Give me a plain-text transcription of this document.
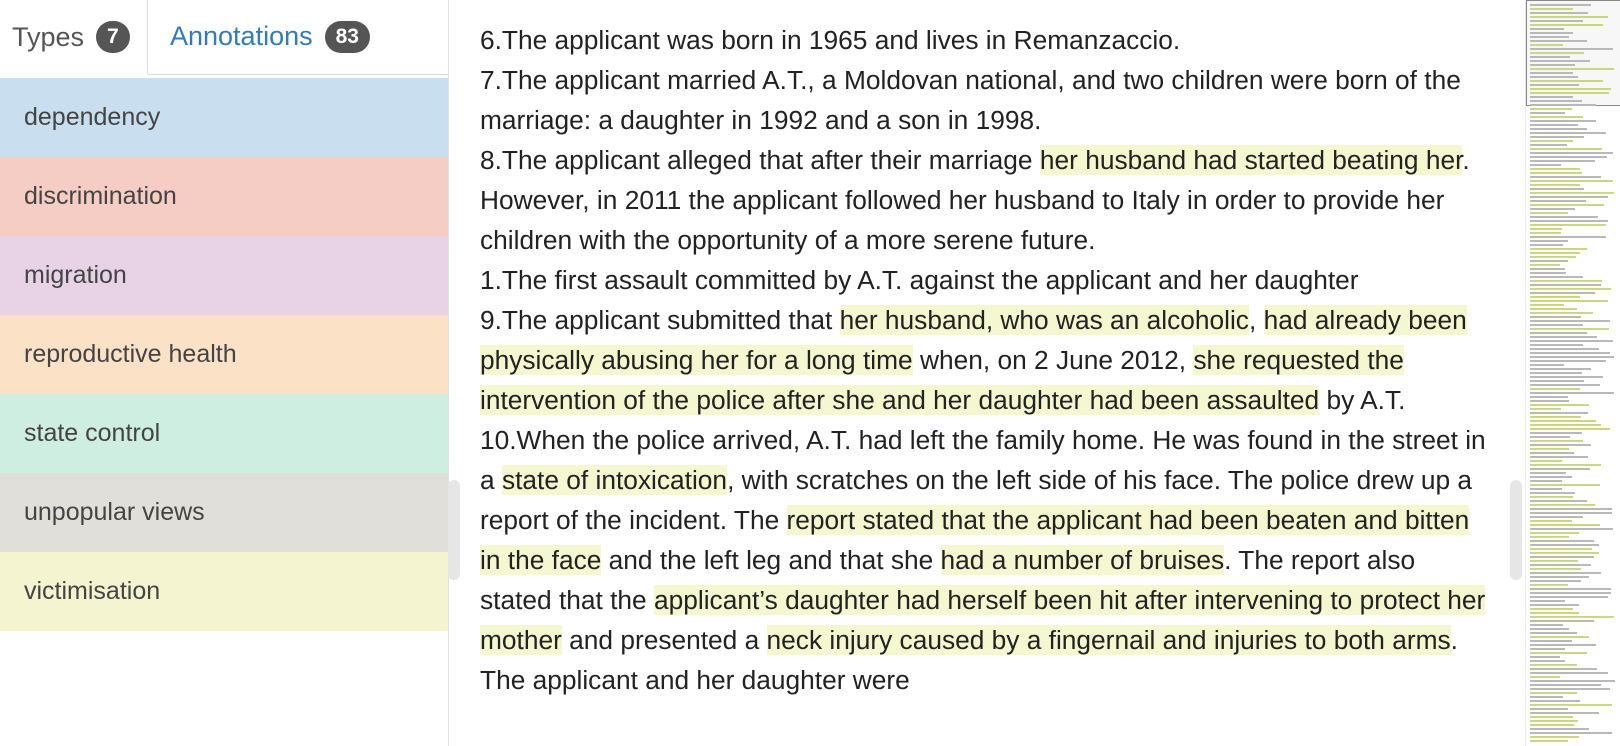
Types	7	Annotations	83
dependency
discrimination
migration
reproductive health
state control
unpopular views
victimisation

6.The applicant was born in 1965 and lives in Remanzaccio.

7.The applicant married A.T., a Moldovan national, and two children were born of the marriage: a daughter in 1992 and a son in 1998.

8.The applicant alleged that after their marriage her husband had started beating her. However, in 2011 the applicant followed her husband to Italy in order to provide her children with the opportunity of a more serene future.

1.The first assault committed by A.T. against the applicant and her daughter

9.The applicant submitted that her husband, who was an alcoholic, had already been physically abusing her for a long time when, on 2 June 2012, she requested the intervention of the police after she and her daughter had been assaulted by A.T.

10.When the police arrived, A.T. had left the family home. He was found in the street in a state of intoxication, with scratches on the left side of his face. The police drew up a report of the incident. The report stated that the applicant had been beaten and bitten in the face and the left leg and that she had a number of bruises. The report also stated that the applicant’s daughter had herself been hit after intervening to protect her mother and presented a neck injury caused by a fingernail and injuries to both arms. The applicant and her daughter were
